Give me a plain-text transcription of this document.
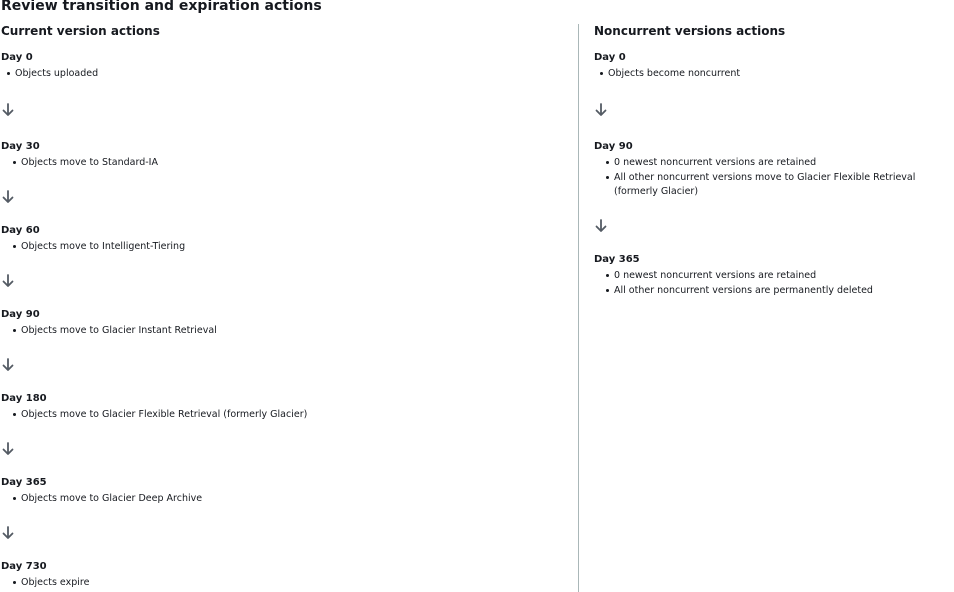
Review transition and expiration actions
Current version actions
Day 0
Objects uploaded
Day 30
Objects move to Standard-IA
Day 60
Objects move to Intelligent-Tiering
Day 90
Objects move to Glacier Instant Retrieval
Day 180
Objects move to Glacier Flexible Retrieval (formerly Glacier)
Day 365
Objects move to Glacier Deep Archive
Day 730
Objects expire
Noncurrent versions actions
Day 0
Objects become noncurrent
Day 90
0 newest noncurrent versions are retained
All other noncurrent versions move to Glacier Flexible Retrieval (formerly Glacier)
Day 365
0 newest noncurrent versions are retained
All other noncurrent versions are permanently deleted
